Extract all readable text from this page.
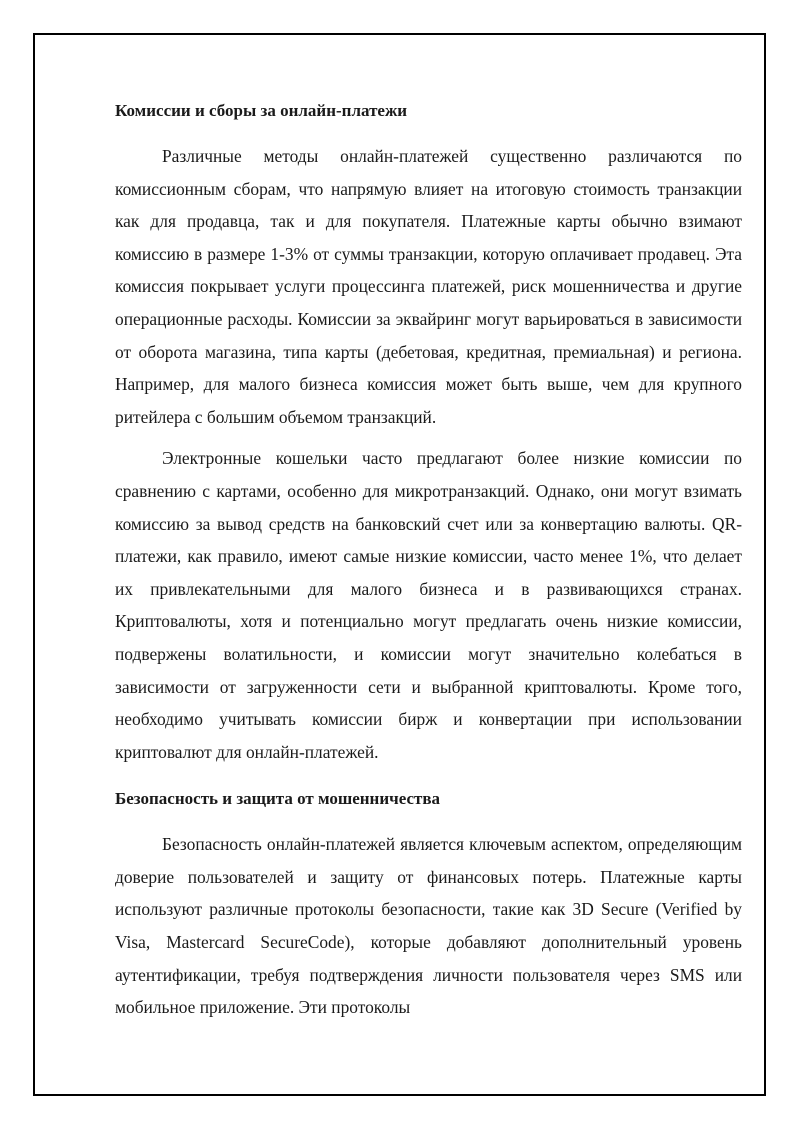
Комиссии и сборы за онлайн-платежи

Различные методы онлайн-платежей существенно различаются по комиссионным сборам, что напрямую влияет на итоговую стоимость транзакции как для продавца, так и для покупателя. Платежные карты обычно взимают комиссию в размере 1-3% от суммы транзакции, которую оплачивает продавец. Эта комиссия покрывает услуги процессинга платежей, риск мошенничества и другие операционные расходы. Комиссии за эквайринг могут варьироваться в зависимости от оборота магазина, типа карты (дебетовая, кредитная, премиальная) и региона. Например, для малого бизнеса комиссия может быть выше, чем для крупного ритейлера с большим объемом транзакций.

Электронные кошельки часто предлагают более низкие комиссии по сравнению с картами, особенно для микротранзакций. Однако, они могут взимать комиссию за вывод средств на банковский счет или за конвертацию валюты. QR-платежи, как правило, имеют самые низкие комиссии, часто менее 1%, что делает их привлекательными для малого бизнеса и в развивающихся странах. Криптовалюты, хотя и потенциально могут предлагать очень низкие комиссии, подвержены волатильности, и комиссии могут значительно колебаться в зависимости от загруженности сети и выбранной криптовалюты. Кроме того, необходимо учитывать комиссии бирж и конвертации при использовании криптовалют для онлайн-платежей.

Безопасность и защита от мошенничества

Безопасность онлайн-платежей является ключевым аспектом, определяющим доверие пользователей и защиту от финансовых потерь. Платежные карты используют различные протоколы безопасности, такие как 3D Secure (Verified by Visa, Mastercard SecureCode), которые добавляют дополнительный уровень аутентификации, требуя подтверждения личности пользователя через SMS или мобильное приложение. Эти протоколы
